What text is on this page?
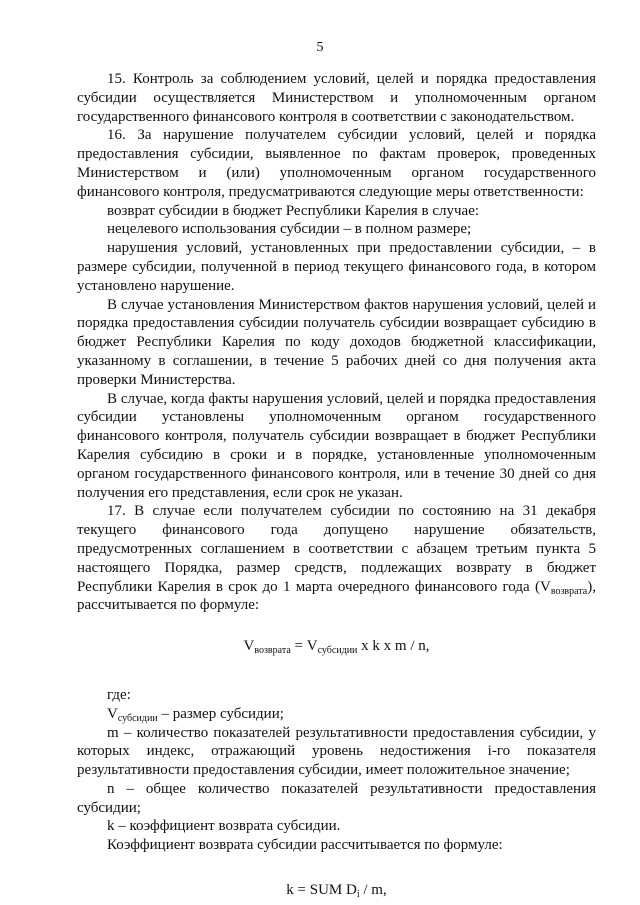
5

15. Контроль за соблюдением условий, целей и порядка предоставления субсидии осуществляется Министерством и уполномоченным органом государственного финансового контроля в соответствии с законодательством.

16. За нарушение получателем субсидии условий, целей и порядка предоставления субсидии, выявленное по фактам проверок, проведенных Министерством и (или) уполномоченным органом государственного финансового контроля, предусматриваются следующие меры ответственности:

возврат субсидии в бюджет Республики Карелия в случае:

нецелевого использования субсидии – в полном размере;

нарушения условий, установленных при предоставлении субсидии, – в размере субсидии, полученной в период текущего финансового года, в котором установлено нарушение.

В случае установления Министерством фактов нарушения условий, целей и порядка предоставления субсидии получатель субсидии возвращает субсидию в бюджет Республики Карелия по коду доходов бюджетной классификации, указанному в соглашении, в течение 5 рабочих дней со дня получения акта проверки Министерства.

В случае, когда факты нарушения условий, целей и порядка предоставления субсидии установлены уполномоченным органом государственного финансового контроля, получатель субсидии возвращает в бюджет Республики Карелия субсидию в сроки и в порядке, установленные уполномоченным органом государственного финансового контроля, или в течение 30 дней со дня получения его представления, если срок не указан.

17. В случае если получателем субсидии по состоянию на 31 декабря текущего финансового года допущено нарушение обязательств, предусмотренных соглашением в соответствии с абзацем третьим пункта 5 настоящего Порядка, размер средств, подлежащих возврату в бюджет Республики Карелия в срок до 1 марта очередного финансового года $(V_{возврата})$, рассчитывается по формуле:

$V_{возврата} = V_{субсидии}$ x k x m / n,

где:

$V_{субсидии}$ – размер субсидии;

m – количество показателей результативности предоставления субсидии, у которых индекс, отражающий уровень недостижения i-го показателя результативности предоставления субсидии, имеет положительное значение;

n – общее количество показателей результативности предоставления субсидии;

k – коэффициент возврата субсидии.

Коэффициент возврата субсидии рассчитывается по формуле:

k = SUM $D_i$ / m,
